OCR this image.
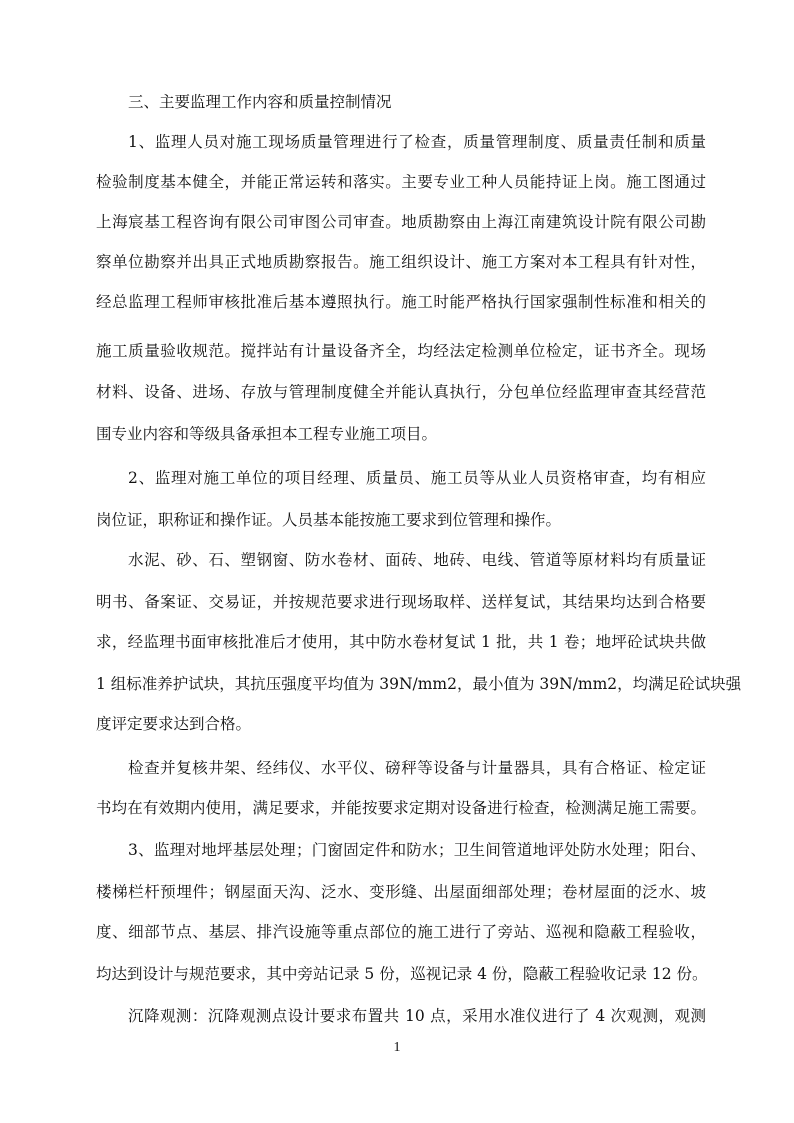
三、主要监理工作内容和质量控制情况
1、监理人员对施工现场质量管理进行了检查，质量管理制度、质量责任制和质量
检验制度基本健全，并能正常运转和落实。主要专业工种人员能持证上岗。施工图通过
上海宸基工程咨询有限公司审图公司审查。地质勘察由上海江南建筑设计院有限公司勘
察单位勘察并出具正式地质勘察报告。施工组织设计、施工方案对本工程具有针对性，
经总监理工程师审核批准后基本遵照执行。施工时能严格执行国家强制性标准和相关的
施工质量验收规范。搅拌站有计量设备齐全，均经法定检测单位检定，证书齐全。现场
材料、设备、进场、存放与管理制度健全并能认真执行，分包单位经监理审查其经营范
围专业内容和等级具备承担本工程专业施工项目。
2、监理对施工单位的项目经理、质量员、施工员等从业人员资格审查，均有相应
岗位证，职称证和操作证。人员基本能按施工要求到位管理和操作。
水泥、砂、石、塑钢窗、防水卷材、面砖、地砖、电线、管道等原材料均有质量证
明书、备案证、交易证，并按规范要求进行现场取样、送样复试，其结果均达到合格要
求，经监理书面审核批准后才使用，其中防水卷材复试 1 批，共 1 卷；地坪砼试块共做
1 组标准养护试块，其抗压强度平均值为 39N/mm2，最小值为 39N/mm2，均满足砼试块强
度评定要求达到合格。
检查并复核井架、经纬仪、水平仪、磅秤等设备与计量器具，具有合格证、检定证
书均在有效期内使用，满足要求，并能按要求定期对设备进行检查，检测满足施工需要。
3、监理对地坪基层处理；门窗固定件和防水；卫生间管道地评处防水处理；阳台、
楼梯栏杆预埋件；钢屋面天沟、泛水、变形缝、出屋面细部处理；卷材屋面的泛水、坡
度、细部节点、基层、排汽设施等重点部位的施工进行了旁站、巡视和隐蔽工程验收，
均达到设计与规范要求，其中旁站记录 5 份，巡视记录 4 份，隐蔽工程验收记录 12 份。
沉降观测：沉降观测点设计要求布置共 10 点，采用水准仪进行了 4 次观测，观测
1
